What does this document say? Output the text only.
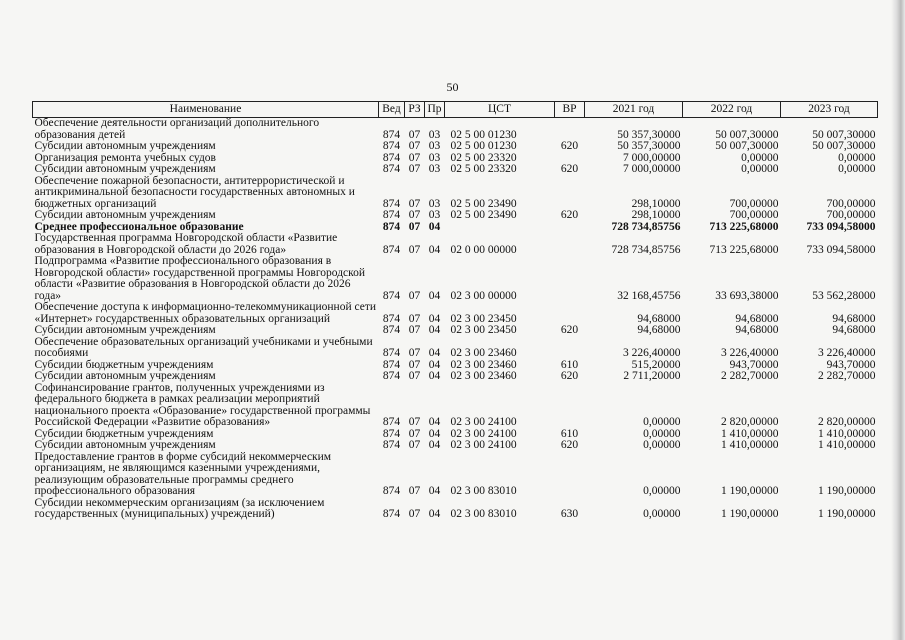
50
Наименование	Вед	РЗ	Пр	ЦСТ	ВР	2021 год	2022 год	2023 год
Обеспечение деятельности организаций дополнительного образования детей	874	07	03	02 5 00 01230		50 357,30000	50 007,30000	50 007,30000
Субсидии автономным учреждениям	874	07	03	02 5 00 01230	620	50 357,30000	50 007,30000	50 007,30000
Организация ремонта учебных судов	874	07	03	02 5 00 23320		7 000,00000	0,00000	0,00000
Субсидии автономным учреждениям	874	07	03	02 5 00 23320	620	7 000,00000	0,00000	0,00000
Обеспечение пожарной безопасности, антитеррористической и антикриминальной безопасности государственных автономных и бюджетных организаций	874	07	03	02 5 00 23490		298,10000	700,00000	700,00000
Субсидии автономным учреждениям	874	07	03	02 5 00 23490	620	298,10000	700,00000	700,00000
Среднее профессиональное образование	874	07	04			728 734,85756	713 225,68000	733 094,58000
Государственная программа Новгородской области «Развитие образования в Новгородской области до 2026 года»	874	07	04	02 0 00 00000		728 734,85756	713 225,68000	733 094,58000
Подпрограмма «Развитие профессионального образования в Новгородской области» государственной программы Новгородской области «Развитие образования в Новгородской области до 2026 года»	874	07	04	02 3 00 00000		32 168,45756	33 693,38000	53 562,28000
Обеспечение доступа к информационно-телекоммуникационной сети «Интернет» государственных образовательных организаций	874	07	04	02 3 00 23450		94,68000	94,68000	94,68000
Субсидии автономным учреждениям	874	07	04	02 3 00 23450	620	94,68000	94,68000	94,68000
Обеспечение образовательных организаций учебниками и учебными пособиями	874	07	04	02 3 00 23460		3 226,40000	3 226,40000	3 226,40000
Субсидии бюджетным учреждениям	874	07	04	02 3 00 23460	610	515,20000	943,70000	943,70000
Субсидии автономным учреждениям	874	07	04	02 3 00 23460	620	2 711,20000	2 282,70000	2 282,70000
Софинансирование грантов, полученных учреждениями из федерального бюджета в рамках реализации мероприятий национального проекта «Образование» государственной программы Российской Федерации «Развитие образования»	874	07	04	02 3 00 24100		0,00000	2 820,00000	2 820,00000
Субсидии бюджетным учреждениям	874	07	04	02 3 00 24100	610	0,00000	1 410,00000	1 410,00000
Субсидии автономным учреждениям	874	07	04	02 3 00 24100	620	0,00000	1 410,00000	1 410,00000
Предоставление грантов в форме субсидий некоммерческим организациям, не являющимся казенными учреждениями, реализующим образовательные программы среднего профессионального образования	874	07	04	02 3 00 83010		0,00000	1 190,00000	1 190,00000
Субсидии некоммерческим организациям (за исключением государственных (муниципальных) учреждений)	874	07	04	02 3 00 83010	630	0,00000	1 190,00000	1 190,00000
